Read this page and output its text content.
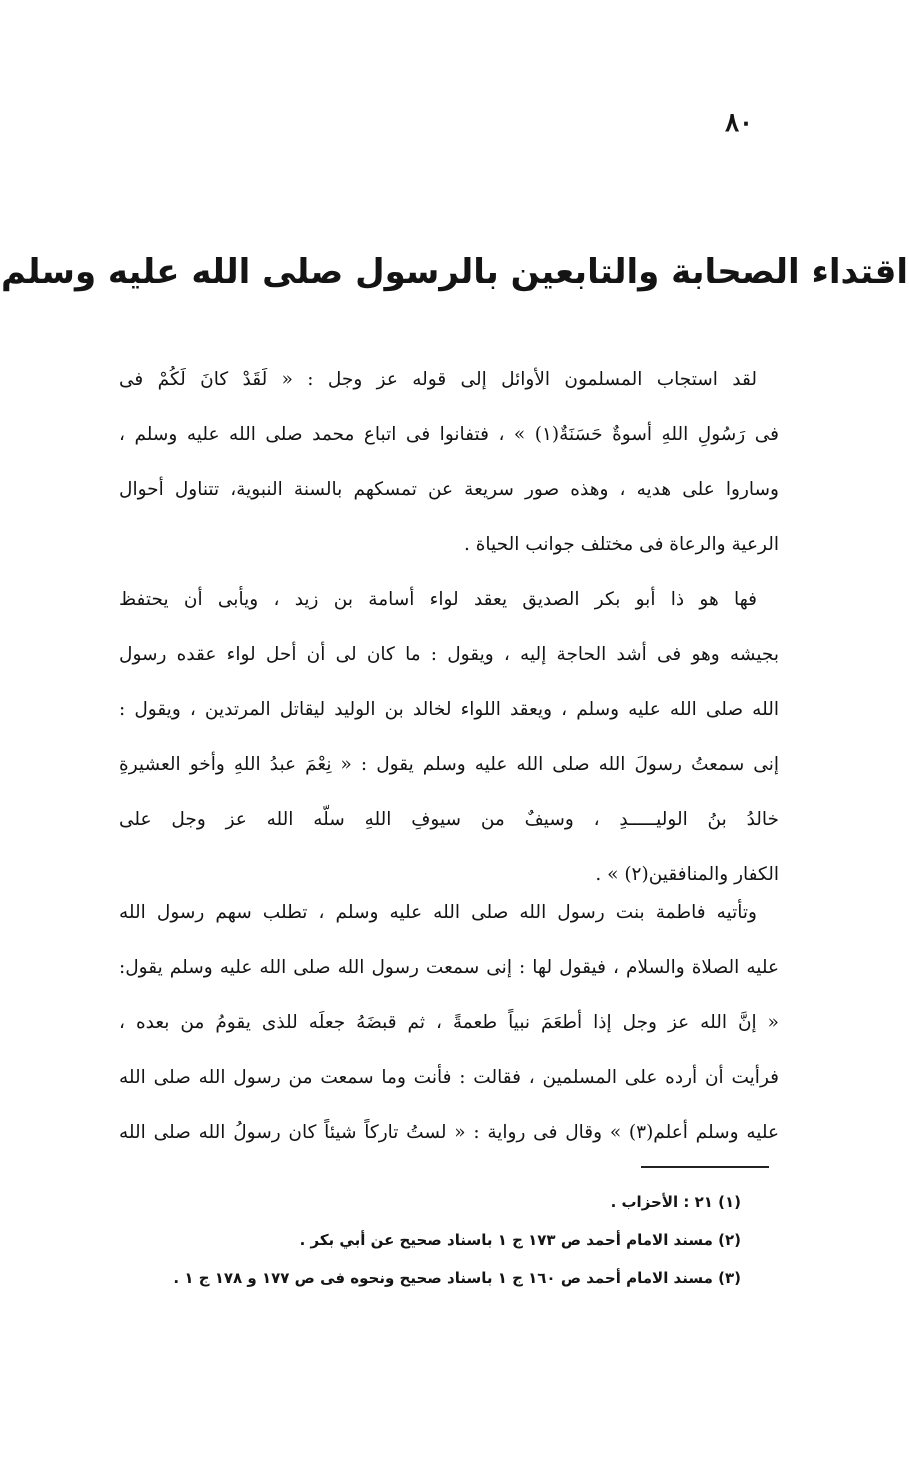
٨٠
اقتداء الصحابة والتابعين بالرسول صلى الله عليه وسلم
لقد استجاب المسلمون الأوائل إلى قوله عز وجل : « لَقَدْ كانَ لَكُمْ فى
فى رَسُولِ اللهِ أسوةٌ حَسَنَةٌ(١) » ، فتفانوا فى اتباع محمد صلى الله عليه وسلم ،
وساروا على هديه ، وهذه صور سريعة عن تمسكهم بالسنة النبوية، تتناول أحوال
الرعية والرعاة فى مختلف جوانب الحياة .
فها هو ذا أبو بكر الصديق يعقد لواء أسامة بن زيد ، ويأبى أن يحتفظ
بجيشه وهو فى أشد الحاجة إليه ، ويقول : ما كان لى أن أحل لواء عقده رسول
الله صلى الله عليه وسلم ، ويعقد اللواء لخالد بن الوليد ليقاتل المرتدين ، ويقول :
إنى سمعتُ رسولَ الله صلى الله عليه وسلم يقول : « نِعْمَ عبدُ اللهِ وأخو العشيرةِ
خالدُ بنُ الوليـــــدِ ، وسيفٌ من سيوفِ اللهِ سلّه الله عز وجل على
الكفار والمنافقين(٢) » .
وتأتيه فاطمة بنت رسول الله صلى الله عليه وسلم ، تطلب سهم رسول الله
عليه الصلاة والسلام ، فيقول لها : إنى سمعت رسول الله صلى الله عليه وسلم يقول:
« إنَّ الله عز وجل إذا أطعَمَ نبياً طعمةً ، ثم قبضَهُ جعلَه للذى يقومُ من بعده ،
فرأيت أن أرده على المسلمين ، فقالت : فأنت وما سمعت من رسول الله صلى الله
عليه وسلم أعلم(٣) » وقال فى رواية : « لستُ تاركاً شيئاً كان رسولُ الله صلى الله
(١) ٢١ : الأحزاب .
(٢) مسند الامام أحمد ص ١٧٣ ج ١ باسناد صحيح عن أبي بكر .
(٣) مسند الامام أحمد ص ١٦٠ ج ١ باسناد صحيح ونحوه فى ص ١٧٧ و ١٧٨ ج ١ .
